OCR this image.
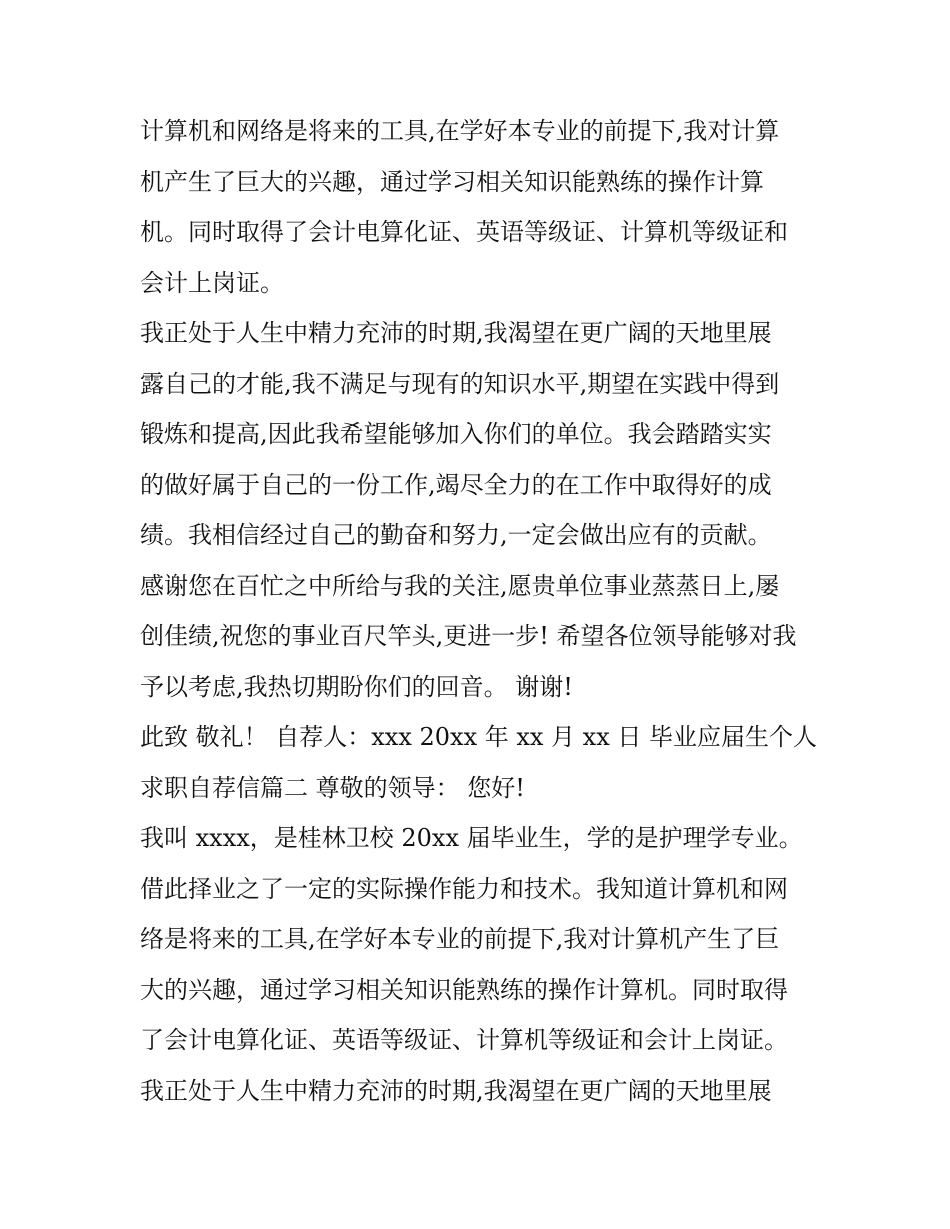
计算机和网络是将来的工具,在学好本专业的前提下,我对计算
机产生了巨大的兴趣，通过学习相关知识能熟练的操作计算
机。同时取得了会计电算化证、英语等级证、计算机等级证和
会计上岗证。
我正处于人生中精力充沛的时期,我渴望在更广阔的天地里展
露自己的才能,我不满足与现有的知识水平,期望在实践中得到
锻炼和提高,因此我希望能够加入你们的单位。我会踏踏实实
的做好属于自己的一份工作,竭尽全力的在工作中取得好的成
绩。我相信经过自己的勤奋和努力,一定会做出应有的贡献。
感谢您在百忙之中所给与我的关注,愿贵单位事业蒸蒸日上,屡
创佳绩,祝您的事业百尺竿头,更进一步! 希望各位领导能够对我
予以考虑,我热切期盼你们的回音。 谢谢!
此致 敬礼！ 自荐人：xxx 20xx 年 xx 月 xx 日 毕业应届生个人
求职自荐信篇二 尊敬的领导： 您好!
我叫 xxxx，是桂林卫校 20xx 届毕业生，学的是护理学专业。
借此择业之了一定的实际操作能力和技术。我知道计算机和网
络是将来的工具,在学好本专业的前提下,我对计算机产生了巨
大的兴趣，通过学习相关知识能熟练的操作计算机。同时取得
了会计电算化证、英语等级证、计算机等级证和会计上岗证。
我正处于人生中精力充沛的时期,我渴望在更广阔的天地里展
